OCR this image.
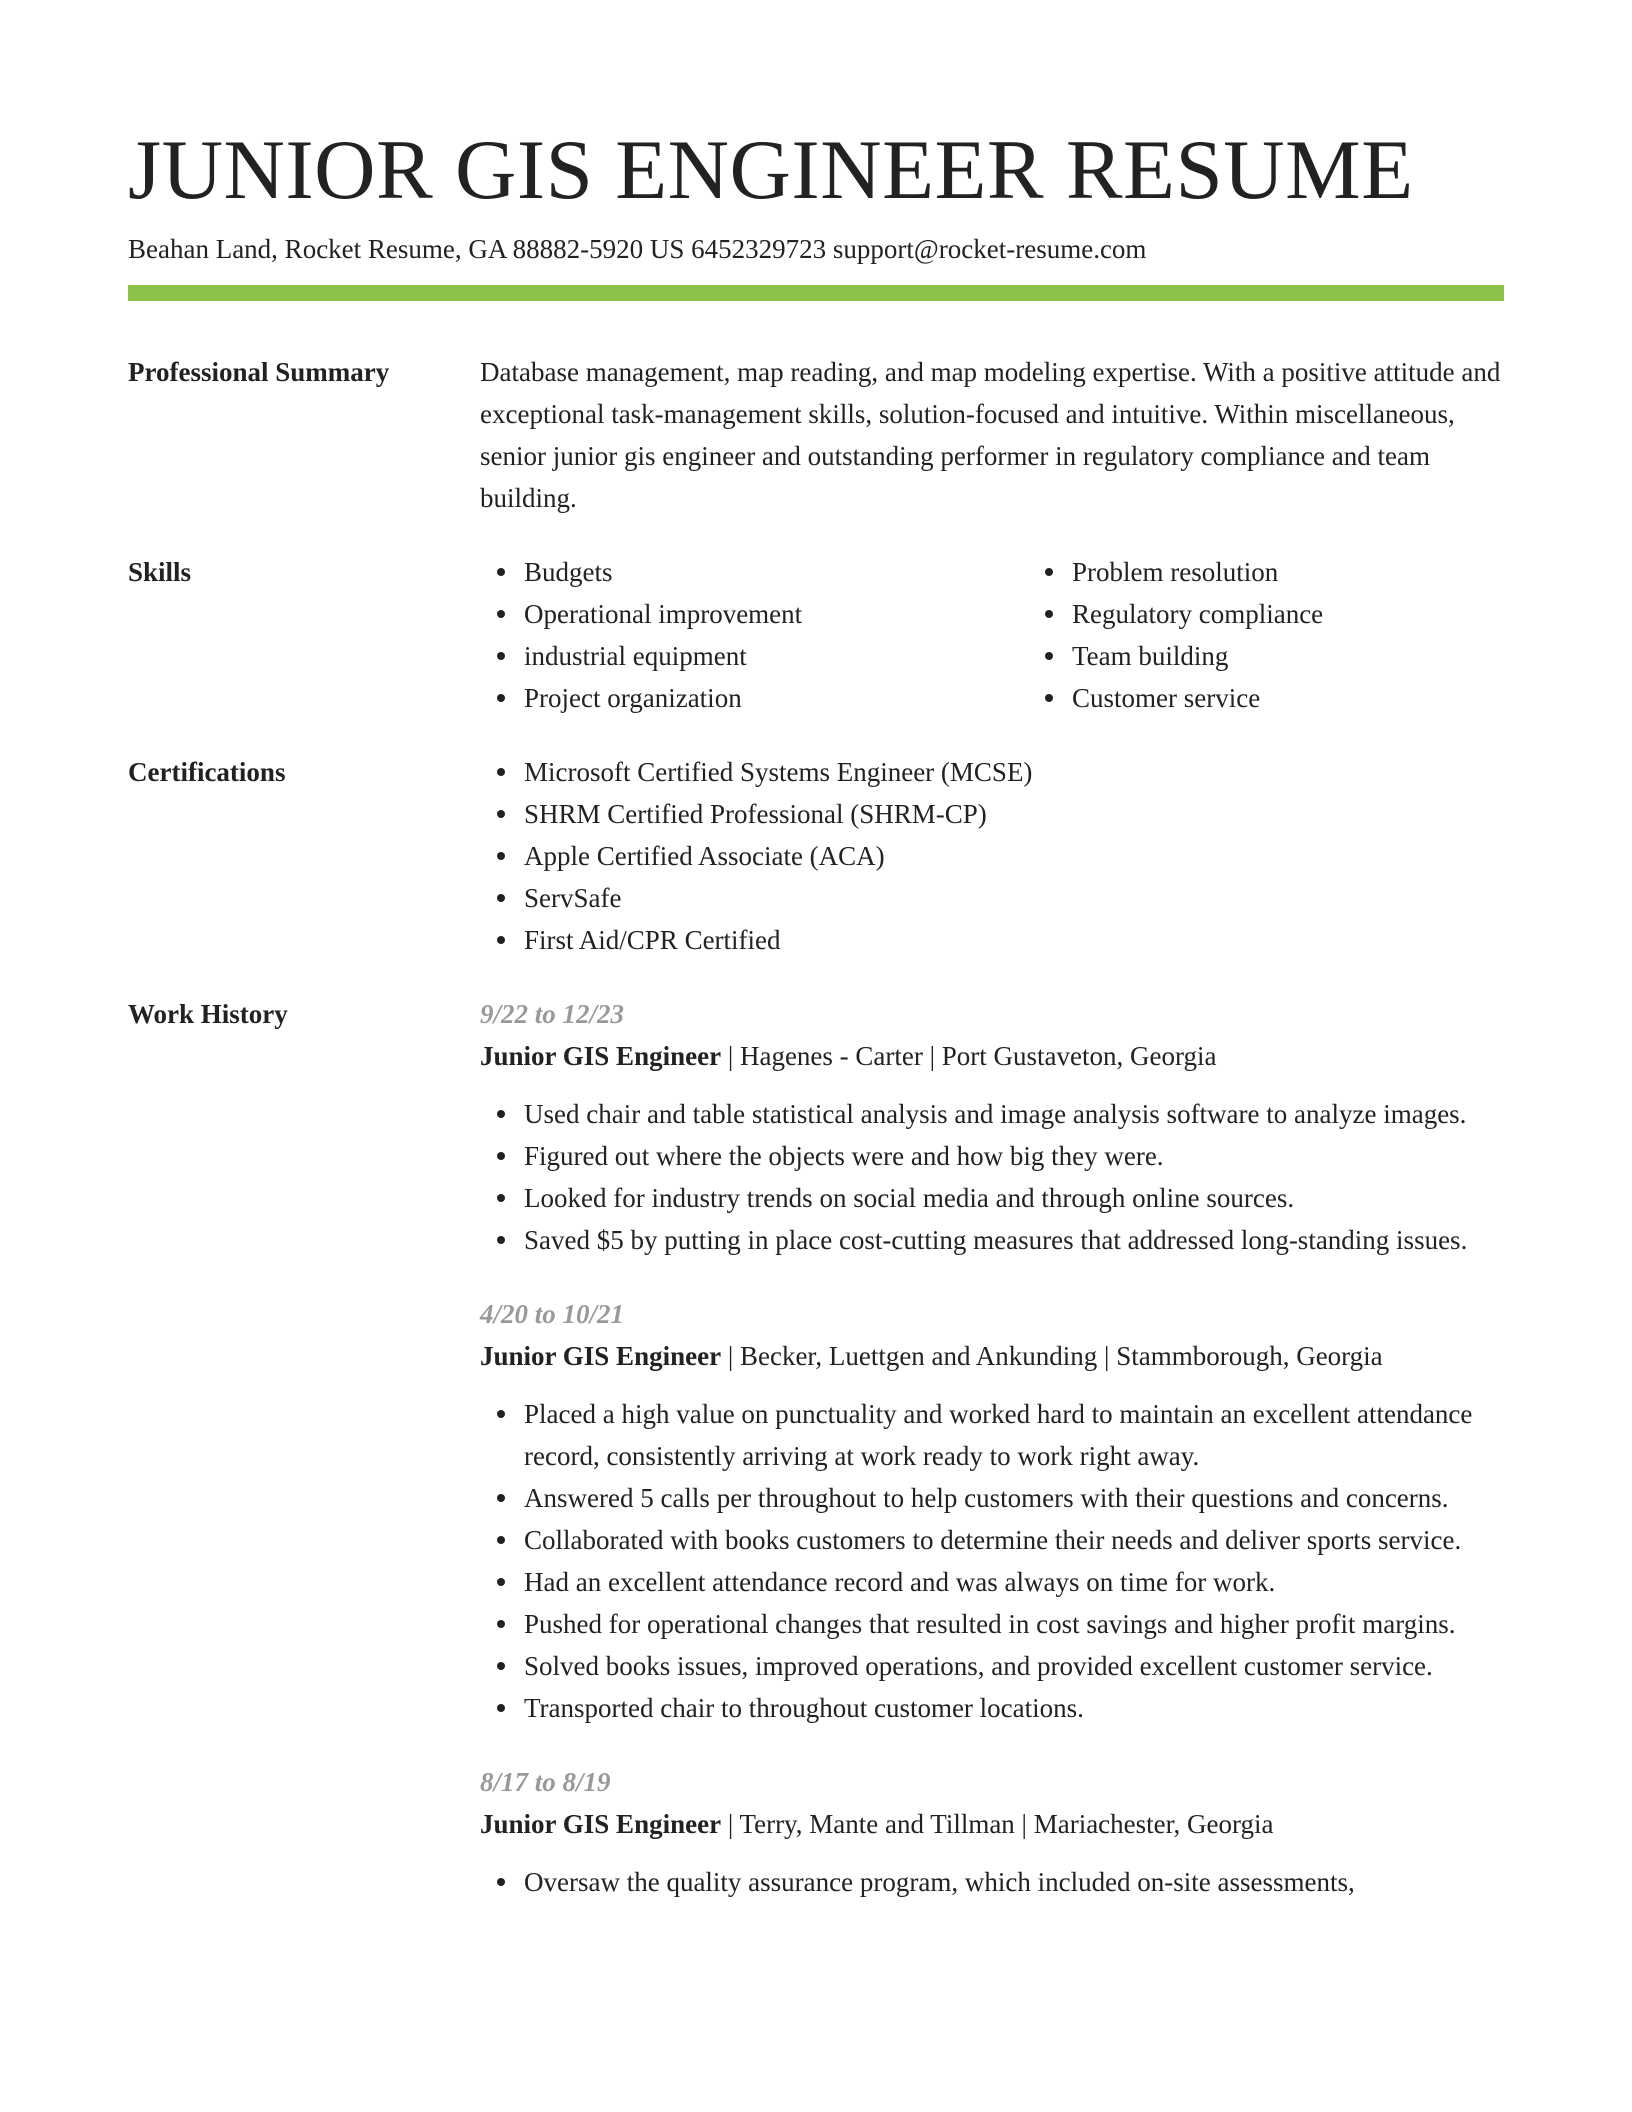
JUNIOR GIS ENGINEER RESUME
Beahan Land, Rocket Resume, GA 88882-5920 US 6452329723 support@rocket-resume.com
Professional Summary	Database management, map reading, and map modeling expertise. With a positive attitude and exceptional task-management skills, solution-focused and intuitive. Within miscellaneous, senior junior gis engineer and outstanding performer in regulatory compliance and team building.

Skills	Budgets
Operational improvement
industrial equipment
Project organization
Problem resolution
Regulatory compliance
Team building
Customer service
Certifications	Microsoft Certified Systems Engineer (MCSE)
SHRM Certified Professional (SHRM-CP)
Apple Certified Associate (ACA)
ServSafe
First Aid/CPR Certified
Work History	9/22 to 12/23
Junior GIS Engineer | Hagenes - Carter | Port Gustaveton, Georgia
Used chair and table statistical analysis and image analysis software to analyze images.
Figured out where the objects were and how big they were.
Looked for industry trends on social media and through online sources.
Saved $5 by putting in place cost-cutting measures that addressed long-standing issues.
4/20 to 10/21
Junior GIS Engineer | Becker, Luettgen and Ankunding | Stammborough, Georgia
Placed a high value on punctuality and worked hard to maintain an excellent attendance record, consistently arriving at work ready to work right away.
Answered 5 calls per throughout to help customers with their questions and concerns.
Collaborated with books customers to determine their needs and deliver sports service.
Had an excellent attendance record and was always on time for work.
Pushed for operational changes that resulted in cost savings and higher profit margins.
Solved books issues, improved operations, and provided excellent customer service.
Transported chair to throughout customer locations.
8/17 to 8/19
Junior GIS Engineer | Terry, Mante and Tillman | Mariachester, Georgia
Oversaw the quality assurance program, which included on-site assessments,
